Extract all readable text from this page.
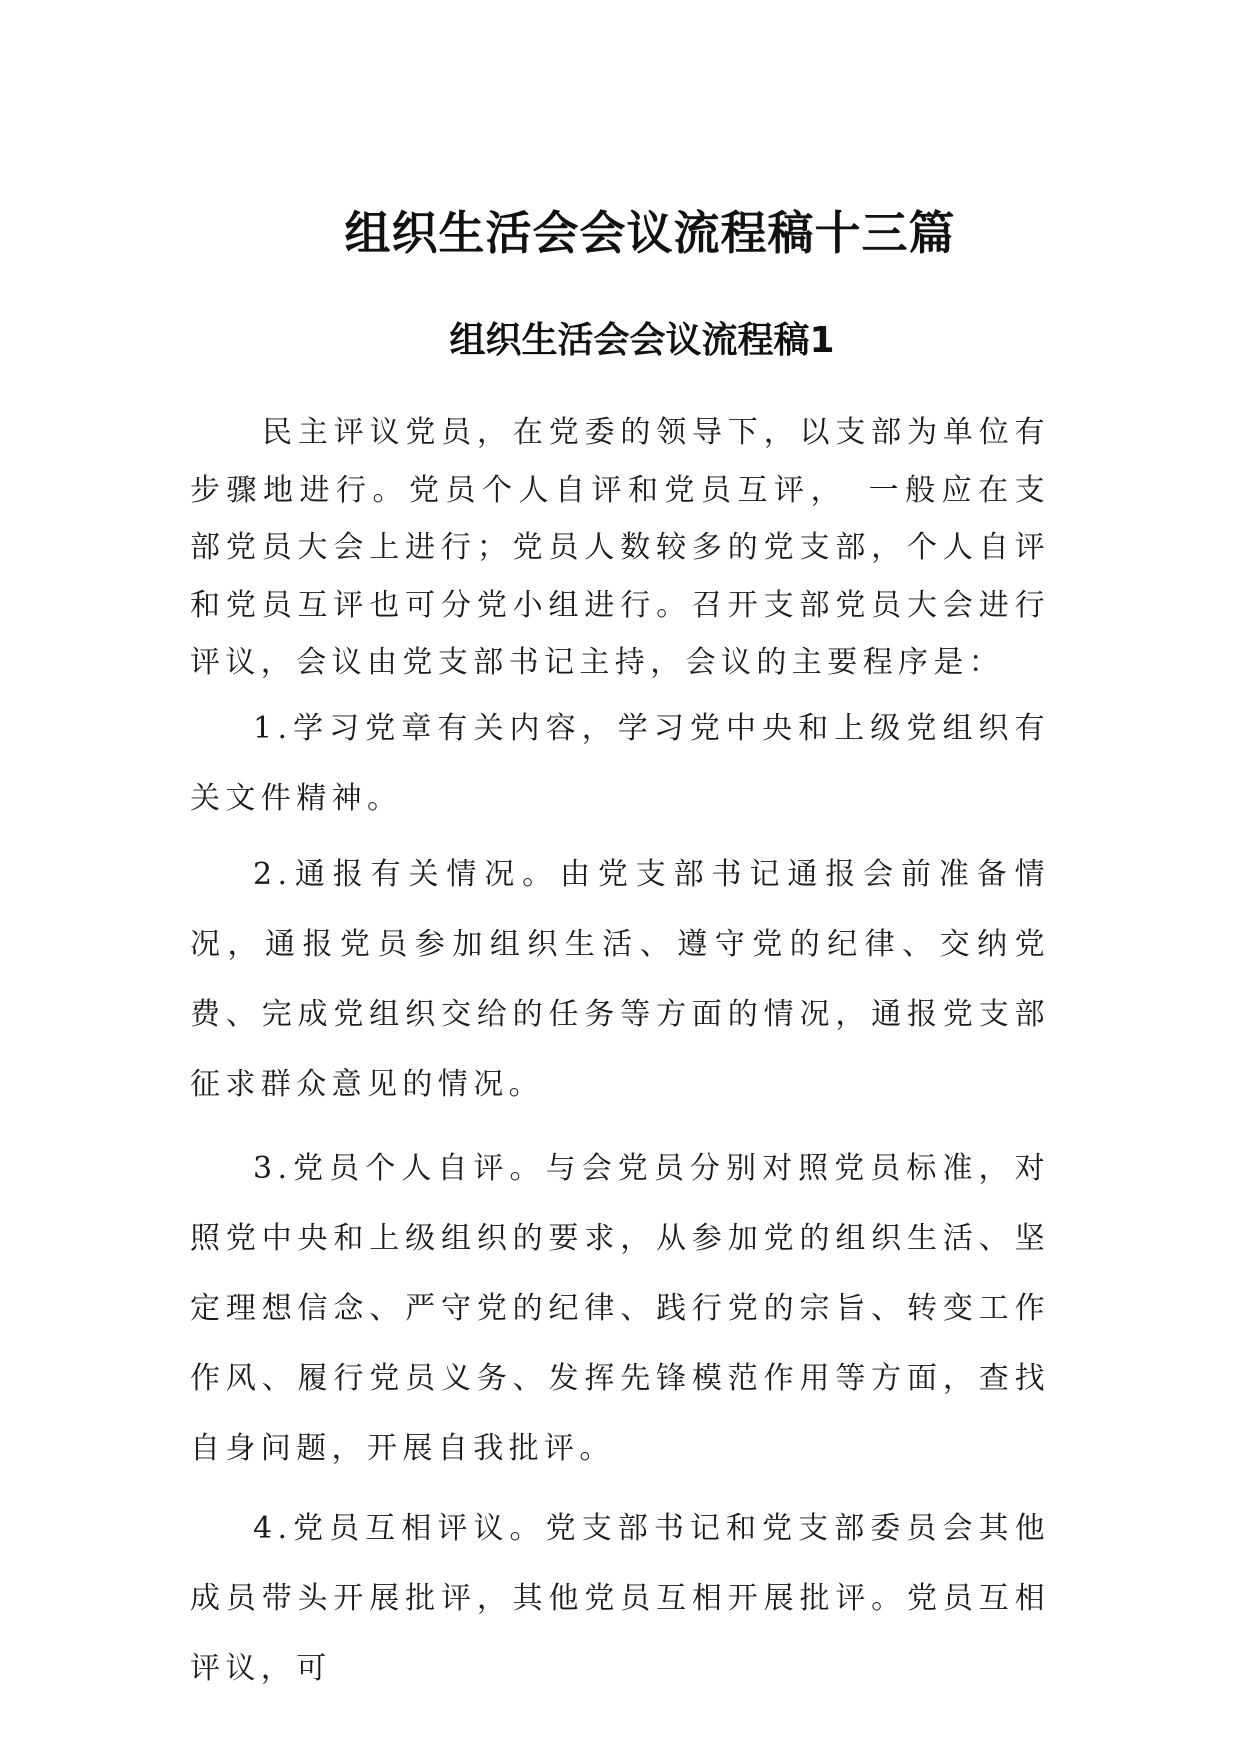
组织生活会会议流程稿十三篇
组织生活会会议流程稿1

民主评议党员，在党委的领导下，以支部为单位有步骤地进行。党员个人自评和党员互评，　一般应在支部党员大会上进行；党员人数较多的党支部，个人自评和党员互评也可分党小组进行。召开支部党员大会进行评议，会议由党支部书记主持，会议的主要程序是：

1.学习党章有关内容，学习党中央和上级党组织有关文件精神。

2.通报有关情况。由党支部书记通报会前准备情况，通报党员参加组织生活、遵守党的纪律、交纳党费、完成党组织交给的任务等方面的情况，通报党支部征求群众意见的情况。

3.党员个人自评。与会党员分别对照党员标准，对照党中央和上级组织的要求，从参加党的组织生活、坚定理想信念、严守党的纪律、践行党的宗旨、转变工作作风、履行党员义务、发挥先锋模范作用等方面，查找自身问题，开展自我批评。

4.党员互相评议。党支部书记和党支部委员会其他成员带头开展批评，其他党员互相开展批评。党员互相评议，可
